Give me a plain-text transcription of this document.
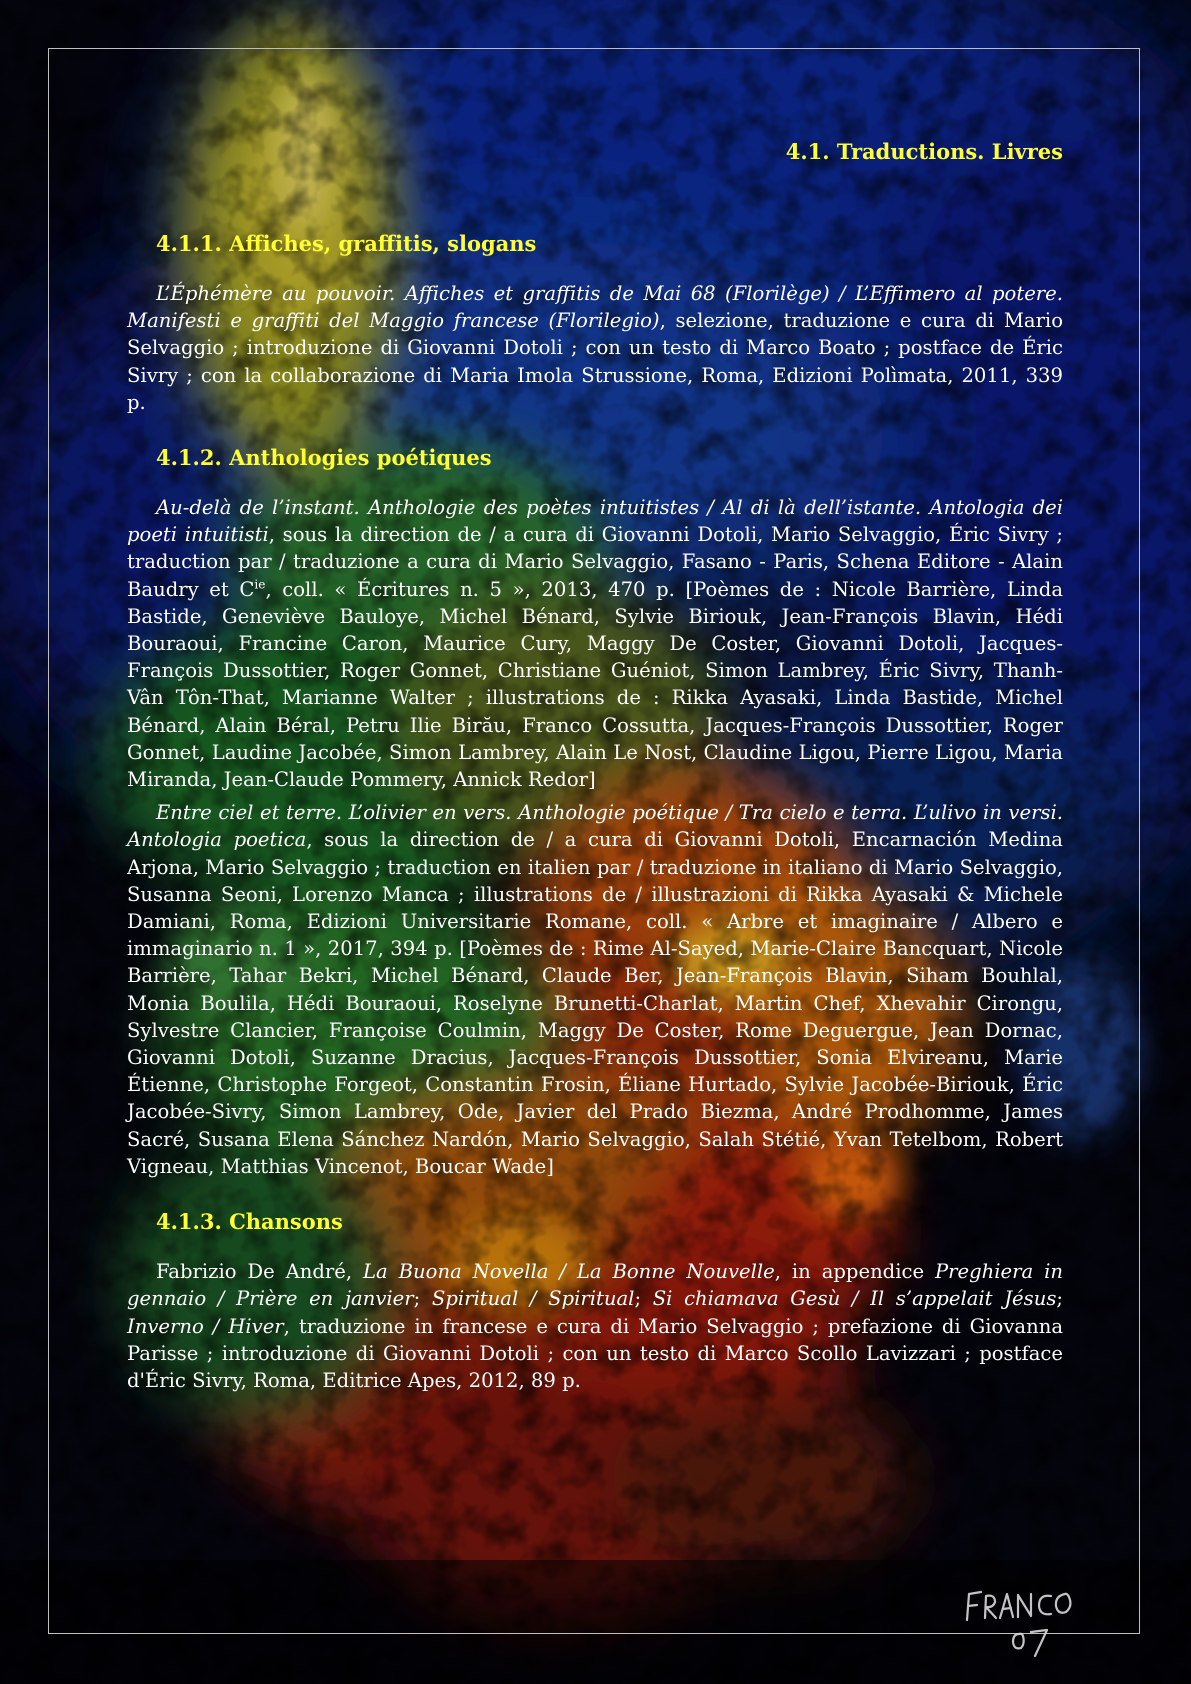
4.1. Traductions. Livres
4.1.1. Affiches, graffitis, slogans

L’Éphémère au pouvoir. Affiches et graffitis de Mai 68 (Florilège) / L’Effimero al potere. Manifesti e graffiti del Maggio francese (Florilegio), selezione, traduzione e cura di Mario Selvaggio ; introduzione di Giovanni Dotoli ; con un testo di Marco Boato ; postface de Éric Sivry ; con la collaborazione di Maria Imola Strussione, Roma, Edizioni Polìmata, 2011, 339 p.

4.1.2. Anthologies poétiques

Au-delà de l’instant. Anthologie des poètes intuitistes / Al di là dell’istante. Antologia dei poeti intuitisti, sous la direction de / a cura di Giovanni Dotoli, Mario Selvaggio, Éric Sivry ; traduction par / traduzione a cura di Mario Selvaggio, Fasano - Paris, Schena Editore - Alain Baudry et $C^{ie}$, coll. « Écritures n. 5 », 2013, 470 p. [Poèmes de : Nicole Barrière, Linda Bastide, Geneviève Bauloye, Michel Bénard, Sylvie Biriouk, Jean-François Blavin, Hédi Bouraoui, Francine Caron, Maurice Cury, Maggy De Coster, Giovanni Dotoli, Jacques-François Dussottier, Roger Gonnet, Christiane Guéniot, Simon Lambrey, Éric Sivry, Thanh-Vân Tôn-That, Marianne Walter ; illustrations de : Rikka Ayasaki, Linda Bastide, Michel Bénard, Alain Béral, Petru Ilie Birău, Franco Cossutta, Jacques-François Dussottier, Roger Gonnet, Laudine Jacobée, Simon Lambrey, Alain Le Nost, Claudine Ligou, Pierre Ligou, Maria Miranda, Jean-Claude Pommery, Annick Redor]

Entre ciel et terre. L’olivier en vers. Anthologie poétique / Tra cielo e terra. L’ulivo in versi. Antologia poetica, sous la direction de / a cura di Giovanni Dotoli, Encarnación Medina Arjona, Mario Selvaggio ; traduction en italien par / traduzione in italiano di Mario Selvaggio, Susanna Seoni, Lorenzo Manca ; illustrations de / illustrazioni di Rikka Ayasaki & Michele Damiani, Roma, Edizioni Universitarie Romane, coll. « Arbre et imaginaire / Albero e immaginario n. 1 », 2017, 394 p. [Poèmes de : Rime Al-Sayed, Marie-Claire Bancquart, Nicole Barrière, Tahar Bekri, Michel Bénard, Claude Ber, Jean-François Blavin, Siham Bouhlal, Monia Boulila, Hédi Bouraoui, Roselyne Brunetti-Charlat, Martin Chef, Xhevahir Cirongu, Sylvestre Clancier, Françoise Coulmin, Maggy De Coster, Rome Deguergue, Jean Dornac, Giovanni Dotoli, Suzanne Dracius, Jacques-François Dussottier, Sonia Elvireanu, Marie Étienne, Christophe Forgeot, Constantin Frosin, Éliane Hurtado, Sylvie Jacobée-Biriouk, Éric Jacobée-Sivry, Simon Lambrey, Ode, Javier del Prado Biezma, André Prodhomme, James Sacré, Susana Elena Sánchez Nardón, Mario Selvaggio, Salah Stétié, Yvan Tetelbom, Robert Vigneau, Matthias Vincenot, Boucar Wade]

4.1.3. Chansons

Fabrizio De André, La Buona Novella / La Bonne Nouvelle, in appendice Preghiera in gennaio / Prière en janvier; Spiritual / Spiritual; Si chiamava Gesù / Il s’appelait Jésus; Inverno / Hiver, traduzione in francese e cura di Mario Selvaggio ; prefazione di Giovanna Parisse ; introduzione di Giovanni Dotoli ; con un testo di Marco Scollo Lavizzari ; postface d'Éric Sivry, Roma, Editrice Apes, 2012, 89 p.
